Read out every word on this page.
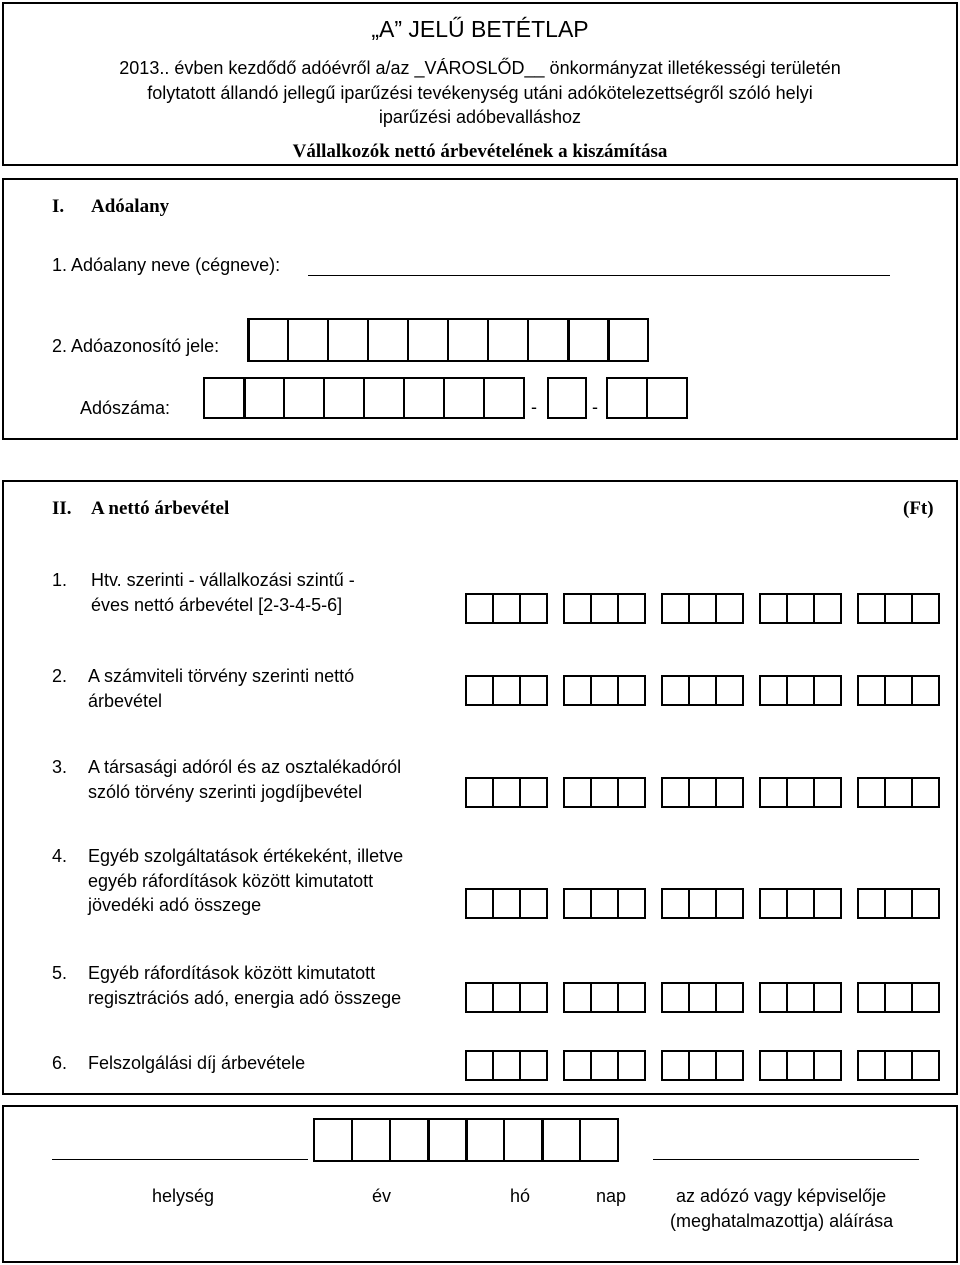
„A” JELŰ BETÉTLAP
2013.. évben kezdődő adóévről a/az _VÁROSLŐD__ önkormányzat illetékességi területén
folytatott állandó jellegű iparűzési tevékenység utáni adókötelezettségről szóló helyi
iparűzési adóbevalláshoz
Vállalkozók nettó árbevételének a kiszámítása
I. Adóalany
1. Adóalany neve (cégneve):
2. Adóazonosító jele:
Adószáma:	-	-
II. A nettó árbevétel	(Ft)
1. Htv. szerinti - vállalkozási szintű -
éves nettó árbevétel [2-3-4-5-6]
2. A számviteli törvény szerinti nettó
árbevétel
3. A társasági adóról és az osztalékadóról
szóló törvény szerinti jogdíjbevétel
4. Egyéb szolgáltatások értékeként, illetve
egyéb ráfordítások között kimutatott
jövedéki adó összege
5. Egyéb ráfordítások között kimutatott
regisztrációs adó, energia adó összege
6. Felszolgálási díj árbevétele
helység	év	hó	nap	az adózó vagy képviselője
(meghatalmazottja) aláírása
